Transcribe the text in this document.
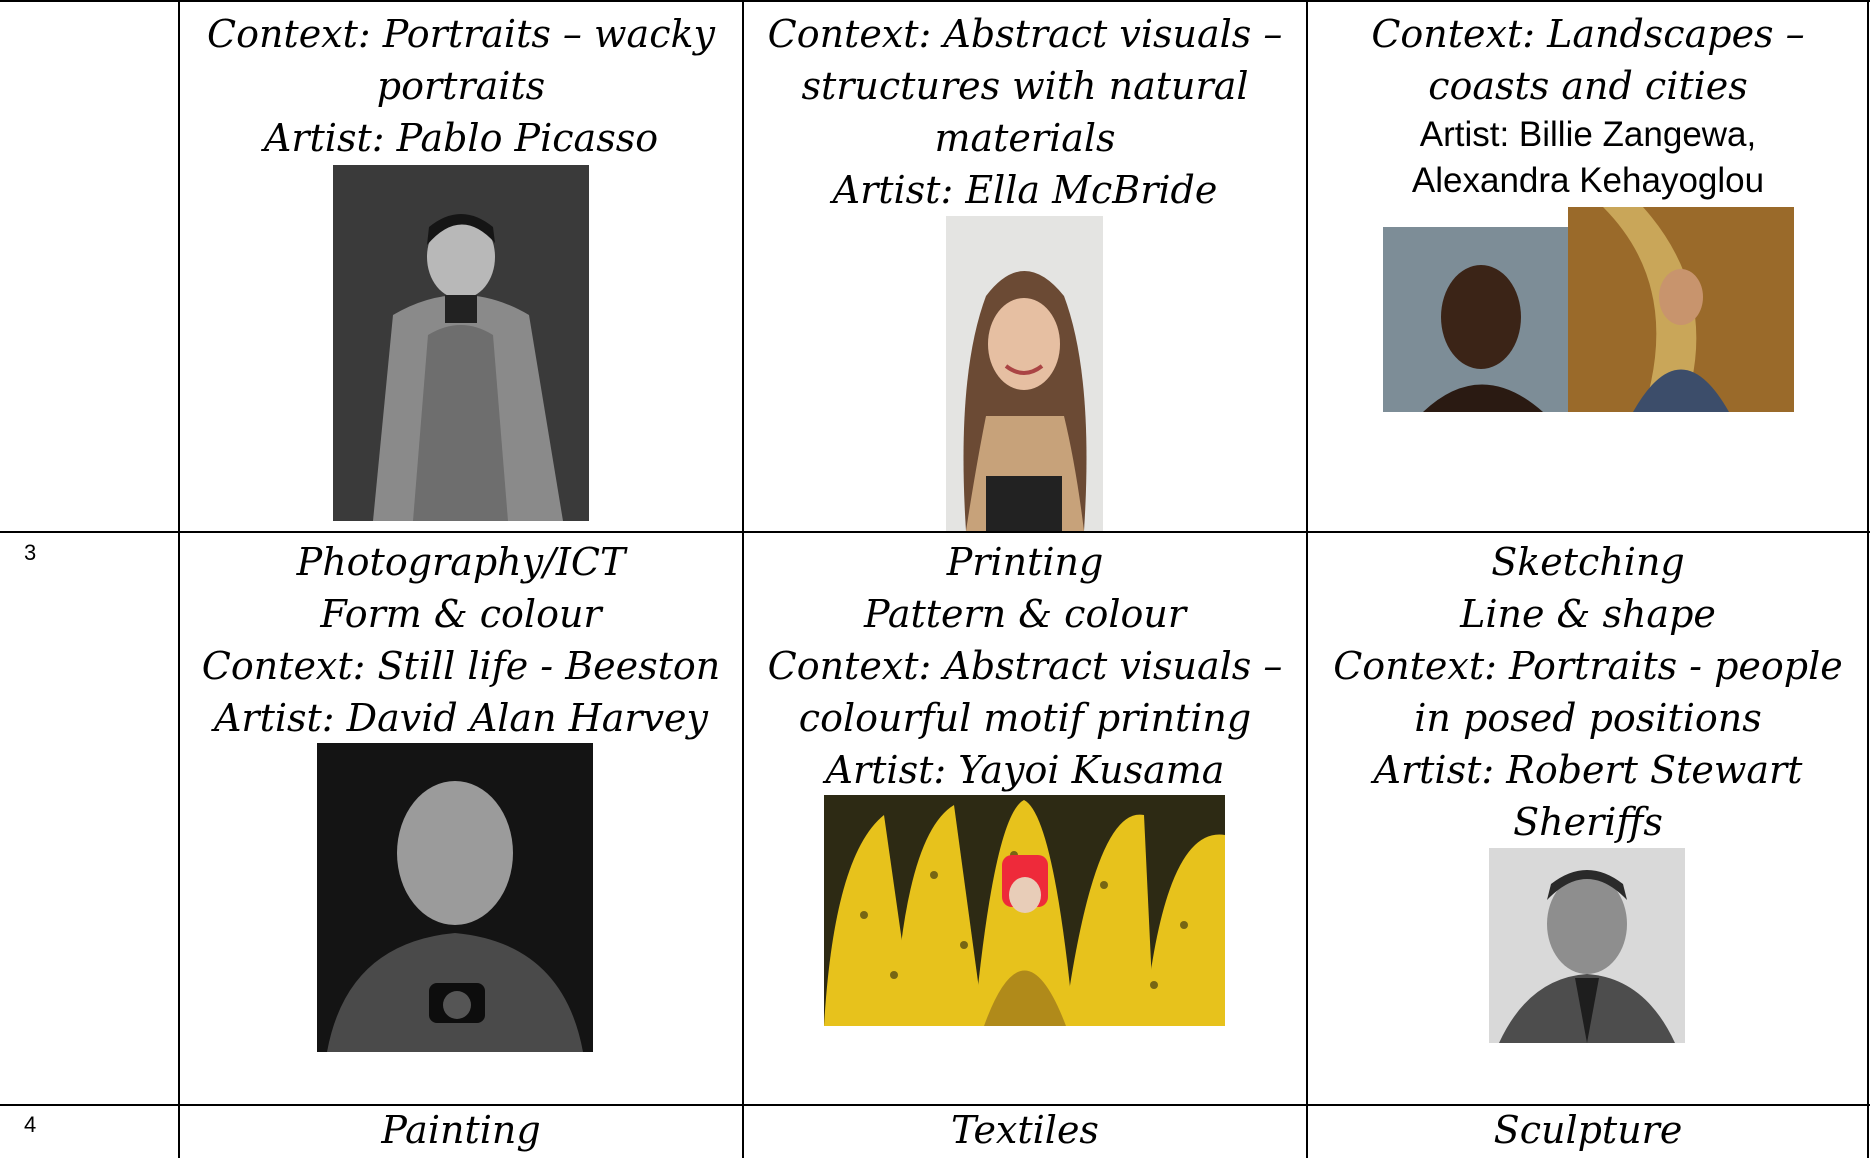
3
4
Context: Portraits – wacky
portraits
Artist: Pablo Picasso
Context: Abstract visuals –
structures with natural
materials
Artist: Ella McBride
Context: Landscapes –
coasts and cities
Artist: Billie Zangewa,
Alexandra Kehayoglou
Photography/ICT
Form & colour
Context: Still life - Beeston
Artist: David Alan Harvey
Printing
Pattern & colour
Context: Abstract visuals –
colourful motif printing
Artist: Yayoi Kusama
Sketching
Line & shape
Context: Portraits - people
in posed positions
Artist: Robert Stewart
Sheriffs
Painting	Textiles	Sculpture
